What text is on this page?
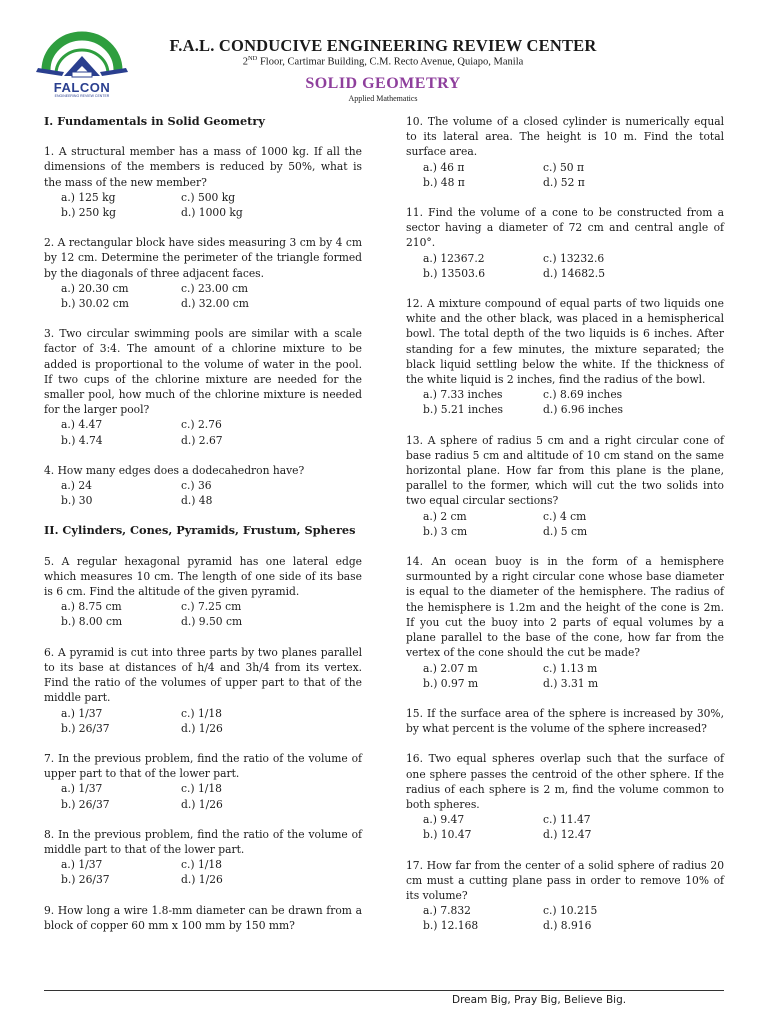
FALCON
ENGINEERING REVIEW CENTER
F.A.L. CONDUCIVE ENGINEERING REVIEW CENTER
2ND Floor, Cartimar Building, C.M. Recto Avenue, Quiapo, Manila
SOLID GEOMETRY
Applied Mathematics
I. Fundamentals in Solid Geometry

1. A structural member has a mass of 1000 kg. If all the dimensions of the members is reduced by 50%, what is the mass of the new member?

a.) 125 kg	c.) 500 kg
b.) 250 kg	d.) 1000 kg

2. A rectangular block have sides measuring 3 cm by 4 cm by 12 cm. Determine the perimeter of the triangle formed by the diagonals of three adjacent faces.

a.) 20.30 cm	c.) 23.00 cm
b.) 30.02 cm	d.) 32.00 cm

3. Two circular swimming pools are similar with a scale factor of 3:4. The amount of a chlorine mixture to be added is proportional to the volume of water in the pool. If two cups of the chlorine mixture are needed for the smaller pool, how much of the chlorine mixture is needed for the larger pool?

a.) 4.47	c.) 2.76
b.) 4.74	d.) 2.67

4. How many edges does a dodecahedron have?

a.) 24	c.) 36
b.) 30	d.) 48
II. Cylinders, Cones, Pyramids, Frustum, Spheres

5. A regular hexagonal pyramid has one lateral edge which measures 10 cm. The length of one side of its base is 6 cm. Find the altitude of the given pyramid.

a.) 8.75 cm	c.) 7.25 cm
b.) 8.00 cm	d.) 9.50 cm

6. A pyramid is cut into three parts by two planes parallel to its base at distances of h/4 and 3h/4 from its vertex. Find the ratio of the volumes of upper part to that of the middle part.

a.) 1/37	c.) 1/18
b.) 26/37	d.) 1/26

7. In the previous problem, find the ratio of the volume of upper part to that of the lower part.

a.) 1/37	c.) 1/18
b.) 26/37	d.) 1/26

8. In the previous problem, find the ratio of the volume of middle part to that of the lower part.

a.) 1/37	c.) 1/18
b.) 26/37	d.) 1/26

9. How long a wire 1.8-mm diameter can be drawn from a block of copper 60 mm x 100 mm by 150 mm?

10. The volume of a closed cylinder is numerically equal to its lateral area. The height is 10 m. Find the total surface area.

a.) 46 π	c.) 50 π
b.) 48 π	d.) 52 π

11. Find the volume of a cone to be constructed from a sector having a diameter of 72 cm and central angle of 210°.

a.) 12367.2	c.) 13232.6
b.) 13503.6	d.) 14682.5

12. A mixture compound of equal parts of two liquids one white and the other black, was placed in a hemispherical bowl. The total depth of the two liquids is 6 inches. After standing for a few minutes, the mixture separated; the black liquid settling below the white. If the thickness of the white liquid is 2 inches, find the radius of the bowl.

a.) 7.33 inches	c.) 8.69 inches
b.) 5.21 inches	d.) 6.96 inches

13. A sphere of radius 5 cm and a right circular cone of base radius 5 cm and altitude of 10 cm stand on the same horizontal plane. How far from this plane is the plane, parallel to the former, which will cut the two solids into two equal circular sections?

a.) 2 cm	c.) 4 cm
b.) 3 cm	d.) 5 cm

14. An ocean buoy is in the form of a hemisphere surmounted by a right circular cone whose base diameter is equal to the diameter of the hemisphere. The radius of the hemisphere is 1.2m and the height of the cone is 2m. If you cut the buoy into 2 parts of equal volumes by a plane parallel to the base of the cone, how far from the vertex of the cone should the cut be made?

a.) 2.07 m	c.) 1.13 m
b.) 0.97 m	d.) 3.31 m

15. If the surface area of the sphere is increased by 30%, by what percent is the volume of the sphere increased?

16. Two equal spheres overlap such that the surface of one sphere passes the centroid of the other sphere. If the radius of each sphere is 2 m, find the volume common to both spheres.

a.) 9.47	c.) 11.47
b.) 10.47	d.) 12.47

17. How far from the center of a solid sphere of radius 20 cm must a cutting plane pass in order to remove 10% of its volume?

a.) 7.832	c.) 10.215
b.) 12.168	d.) 8.916
Dream Big, Pray Big, Believe Big.
